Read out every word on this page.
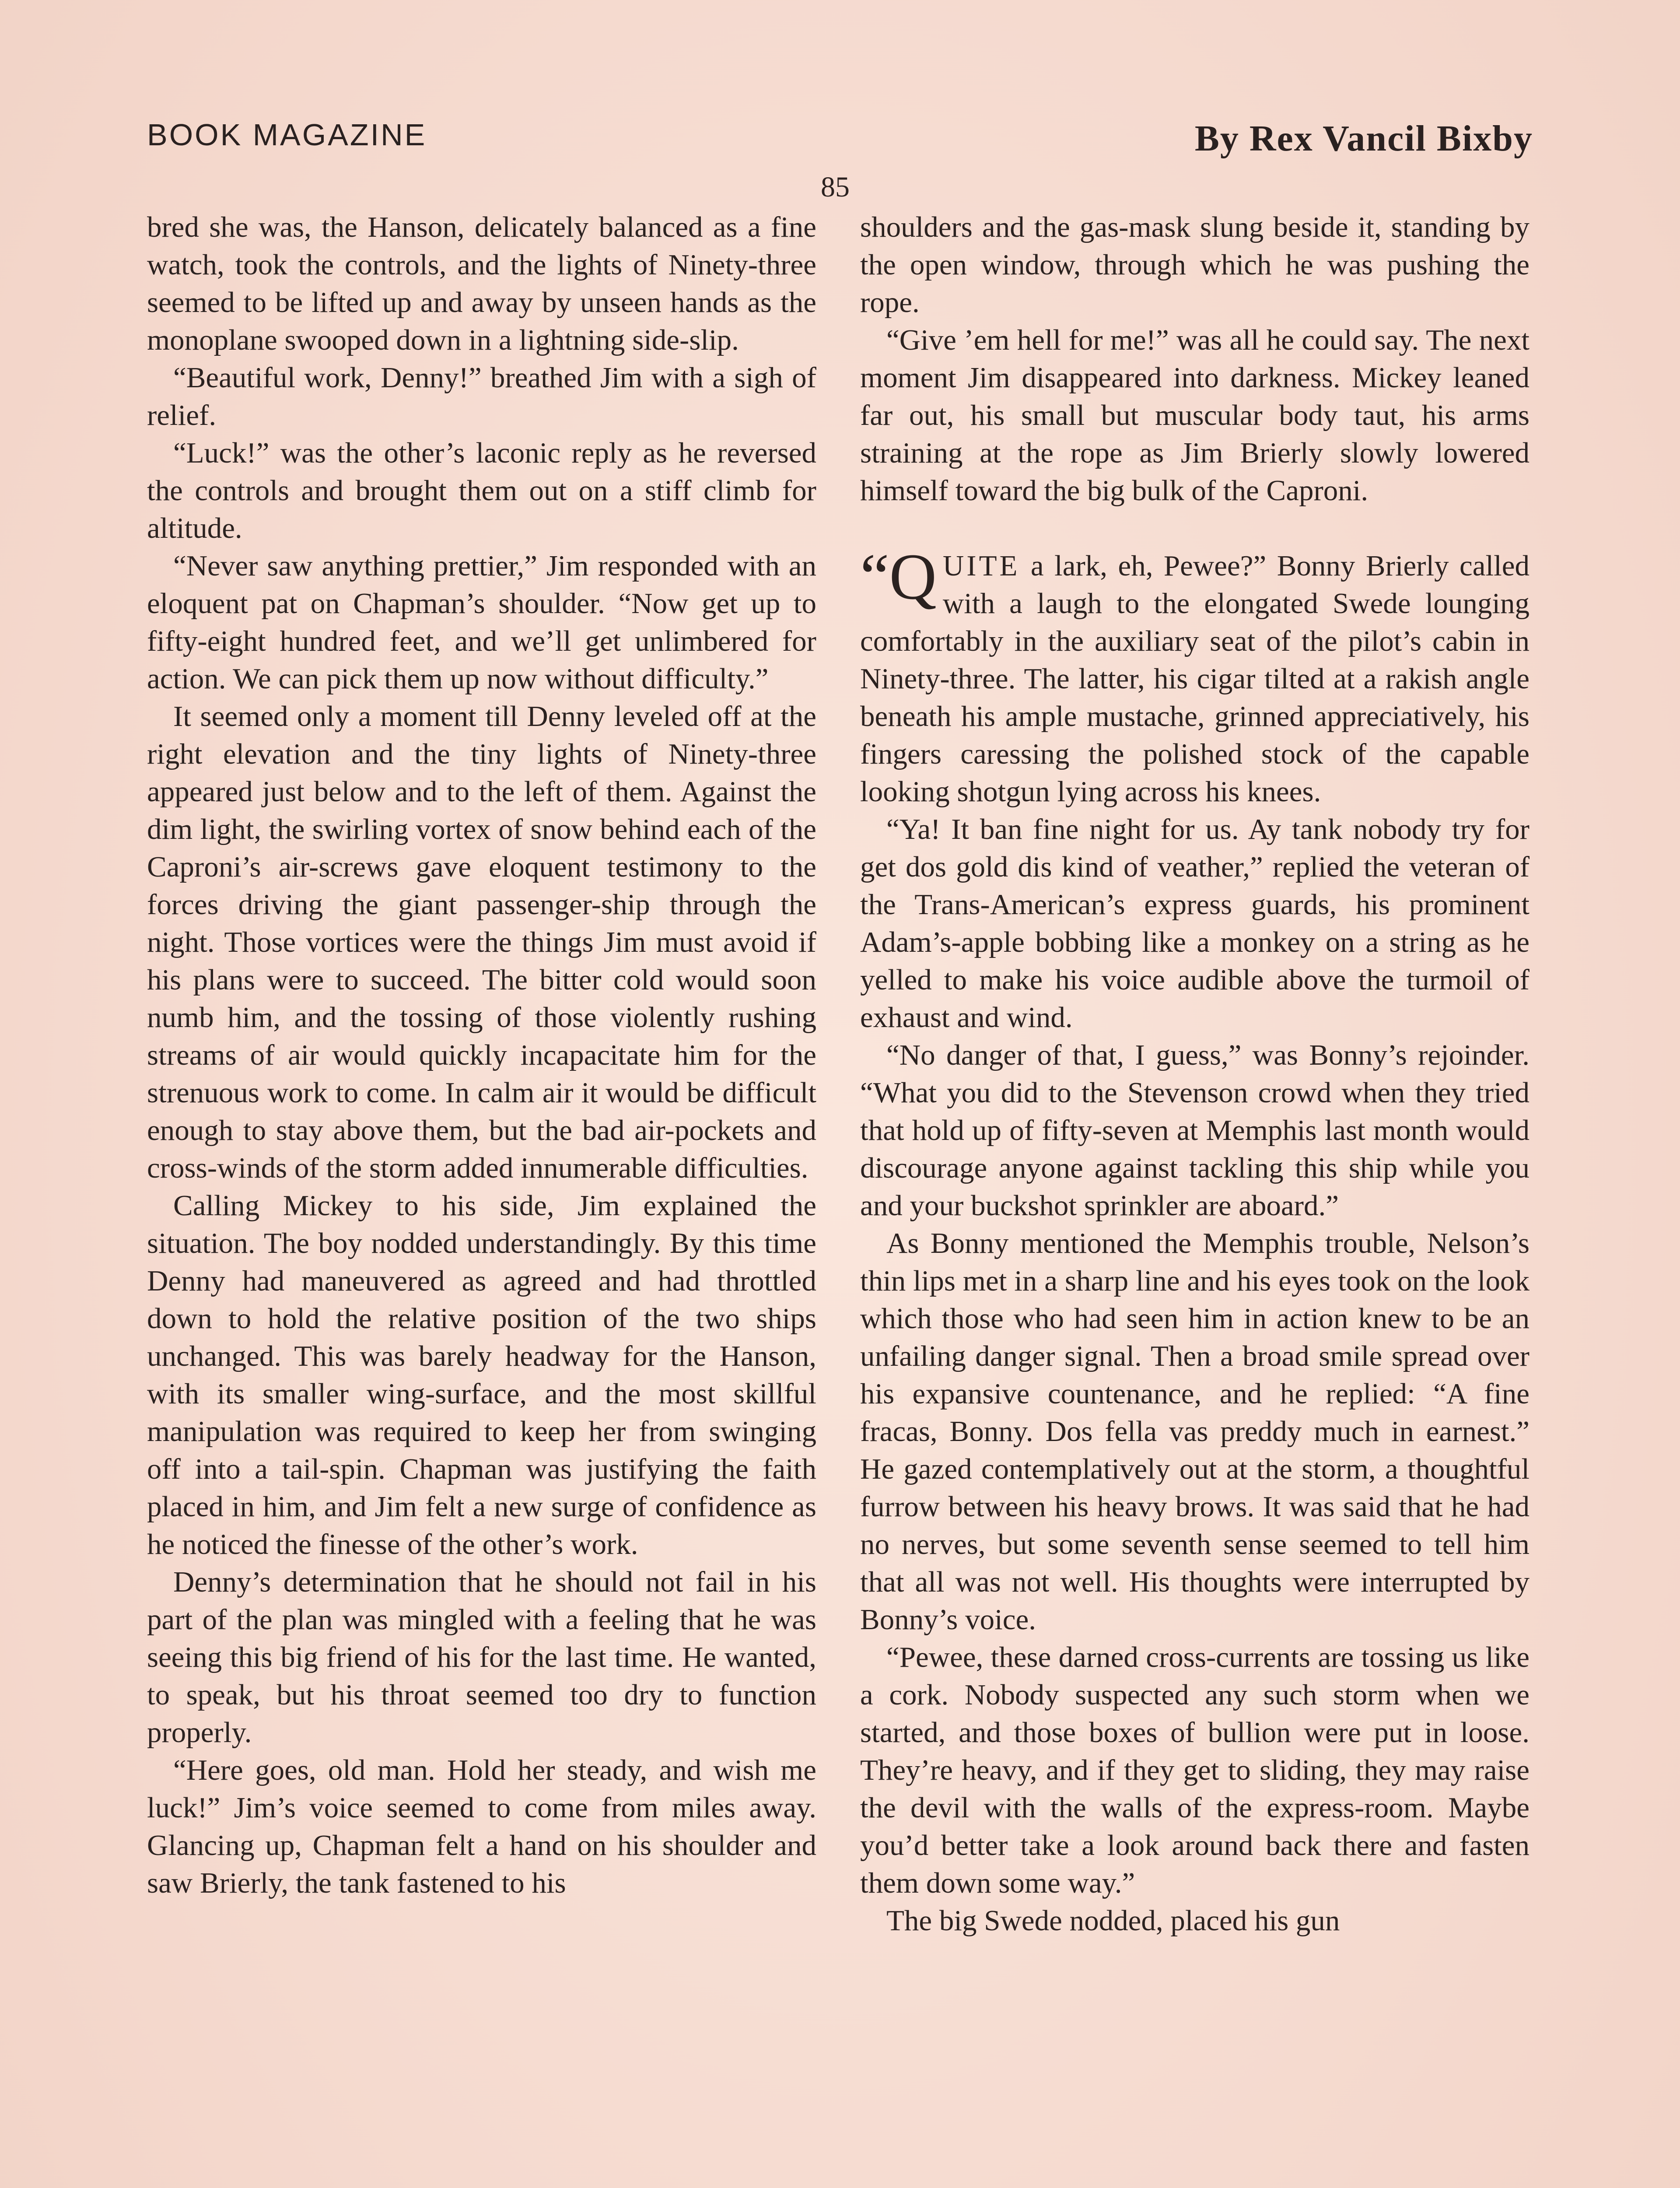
BOOK MAGAZINE	By Rex Vancil Bixby
85

bred she was, the Hanson, delicately balanced as a fine watch, took the controls, and the lights of Ninety-three seemed to be lifted up and away by unseen hands as the monoplane swooped down in a lightning side-slip.

“Beautiful work, Denny!” breathed Jim with a sigh of relief.

“Luck!” was the other’s laconic reply as he reversed the controls and brought them out on a stiff climb for altitude.

“Never saw anything prettier,” Jim responded with an eloquent pat on Chapman’s shoulder. “Now get up to fifty-eight hundred feet, and we’ll get unlimbered for action. We can pick them up now without difficulty.”

It seemed only a moment till Denny leveled off at the right elevation and the tiny lights of Ninety-three appeared just below and to the left of them. Against the dim light, the swirling vortex of snow behind each of the Caproni’s air-screws gave eloquent testimony to the forces driving the giant passenger-ship through the night. Those vortices were the things Jim must avoid if his plans were to succeed. The bitter cold would soon numb him, and the tossing of those violently rushing streams of air would quickly incapacitate him for the strenuous work to come. In calm air it would be difficult enough to stay above them, but the bad air-pockets and cross-winds of the storm added innumerable difficulties.

Calling Mickey to his side, Jim explained the situation. The boy nodded understandingly. By this time Denny had maneuvered as agreed and had throttled down to hold the relative position of the two ships unchanged. This was barely headway for the Hanson, with its smaller wing-surface, and the most skillful manipulation was required to keep her from swinging off into a tail-spin. Chapman was justifying the faith placed in him, and Jim felt a new surge of confidence as he noticed the finesse of the other’s work.

Denny’s determination that he should not fail in his part of the plan was mingled with a feeling that he was seeing this big friend of his for the last time. He wanted, to speak, but his throat seemed too dry to function properly.

“Here goes, old man. Hold her steady, and wish me luck!” Jim’s voice seemed to come from miles away. Glancing up, Chapman felt a hand on his shoulder and saw Brierly, the tank fastened to his

shoulders and the gas-mask slung beside it, standing by the open window, through which he was pushing the rope.

“Give ’em hell for me!” was all he could say. The next moment Jim disappeared into darkness. Mickey leaned far out, his small but muscular body taut, his arms straining at the rope as Jim Brierly slowly lowered himself toward the big bulk of the Caproni.

“QUITE a lark, eh, Pewee?” Bonny Brierly called with a laugh to the elongated Swede lounging comfortably in the auxiliary seat of the pilot’s cabin in Ninety-three. The latter, his cigar tilted at a rakish angle beneath his ample mustache, grinned appreciatively, his fingers caressing the polished stock of the capable looking shotgun lying across his knees.

“Ya! It ban fine night for us. Ay tank nobody try for get dos gold dis kind of veather,” replied the veteran of the Trans-American’s express guards, his prominent Adam’s-apple bobbing like a monkey on a string as he yelled to make his voice audible above the turmoil of exhaust and wind.

“No danger of that, I guess,” was Bonny’s rejoinder. “What you did to the Stevenson crowd when they tried that hold up of fifty-seven at Memphis last month would discourage anyone against tackling this ship while you and your buckshot sprinkler are aboard.”

As Bonny mentioned the Memphis trouble, Nelson’s thin lips met in a sharp line and his eyes took on the look which those who had seen him in action knew to be an unfailing danger signal. Then a broad smile spread over his expansive countenance, and he replied: “A fine fracas, Bonny. Dos fella vas preddy much in earnest.” He gazed contemplatively out at the storm, a thoughtful furrow between his heavy brows. It was said that he had no nerves, but some seventh sense seemed to tell him that all was not well. His thoughts were interrupted by Bonny’s voice.

“Pewee, these darned cross-currents are tossing us like a cork. Nobody suspected any such storm when we started, and those boxes of bullion were put in loose. They’re heavy, and if they get to sliding, they may raise the devil with the walls of the express-room. Maybe you’d better take a look around back there and fasten them down some way.”

The big Swede nodded, placed his gun
